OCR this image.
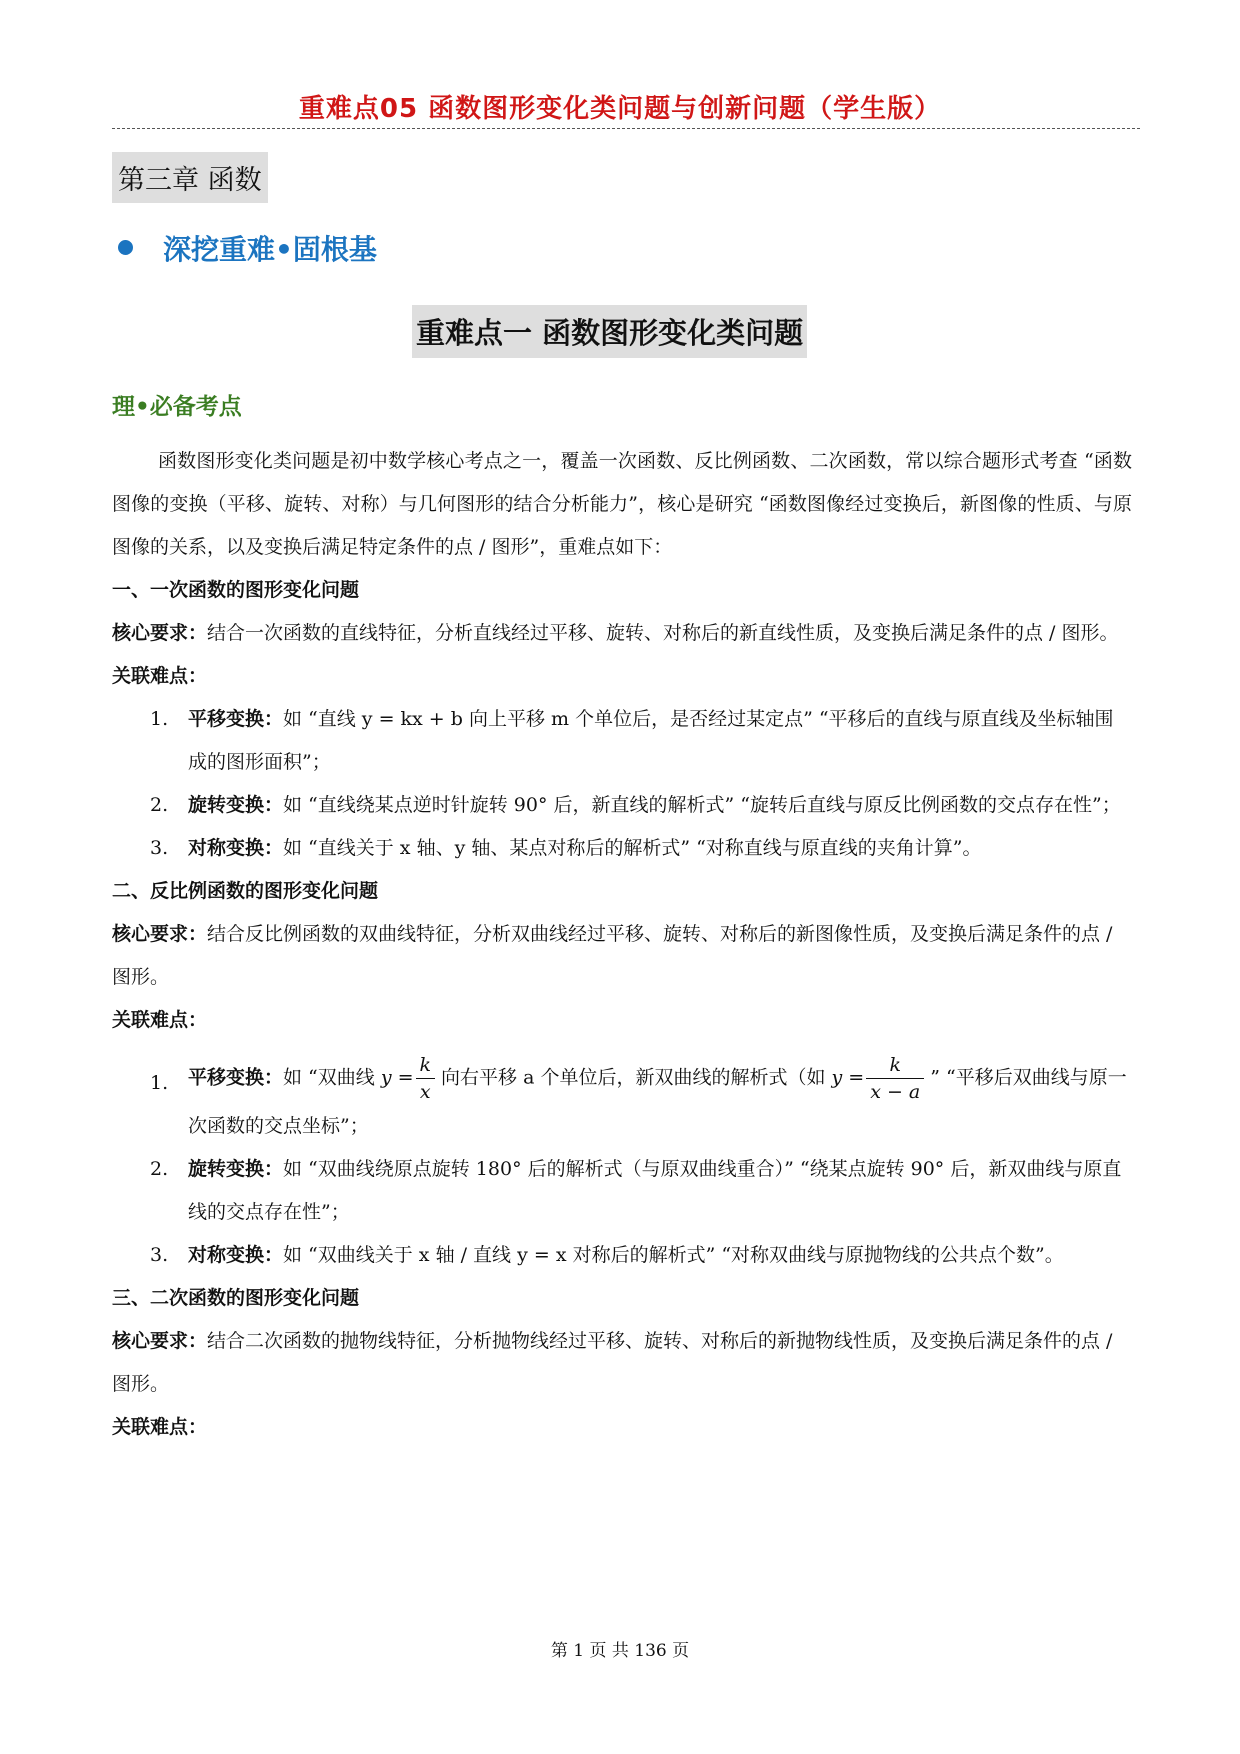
重难点05 函数图形变化类问题与创新问题（学生版）
第三章 函数
深挖重难•固根基
重难点一 函数图形变化类问题
理•必备考点

函数图形变化类问题是初中数学核心考点之一，覆盖一次函数、反比例函数、二次函数，常以综合题形式考查 “函数图像的变换（平移、旋转、对称）与几何图形的结合分析能力”，核心是研究 “函数图像经过变换后，新图像的性质、与原图像的关系，以及变换后满足特定条件的点 / 图形”，重难点如下：

一、一次函数的图形变化问题

核心要求：结合一次函数的直线特征，分析直线经过平移、旋转、对称后的新直线性质，及变换后满足条件的点 / 图形。

关联难点：

1. 平移变换：如 “直线 y = kx + b 向上平移 m 个单位后，是否经过某定点” “平移后的直线与原直线及坐标轴围成的图形面积”；
2. 旋转变换：如 “直线绕某点逆时针旋转 90° 后，新直线的解析式” “旋转后直线与原反比例函数的交点存在性”；
3. 对称变换：如 “直线关于 x 轴、y 轴、某点对称后的解析式” “对称直线与原直线的夹角计算”。

二、反比例函数的图形变化问题

核心要求：结合反比例函数的双曲线特征，分析双曲线经过平移、旋转、对称后的新图像性质，及变换后满足条件的点 / 图形。

关联难点：

1. 平移变换：如 “双曲线 $y = \frac{k}{x}$ 向右平移 a 个单位后，新双曲线的解析式（如 $y = \frac{k}{x - a}$ ” “平移后双曲线与原一次函数的交点坐标”；
2. 旋转变换：如 “双曲线绕原点旋转 180° 后的解析式（与原双曲线重合）” “绕某点旋转 90° 后，新双曲线与原直线的交点存在性”；
3. 对称变换：如 “双曲线关于 x 轴 / 直线 y = x 对称后的解析式” “对称双曲线与原抛物线的公共点个数”。

三、二次函数的图形变化问题

核心要求：结合二次函数的抛物线特征，分析抛物线经过平移、旋转、对称后的新抛物线性质，及变换后满足条件的点 / 图形。

关联难点：

第 1 页 共 136 页
